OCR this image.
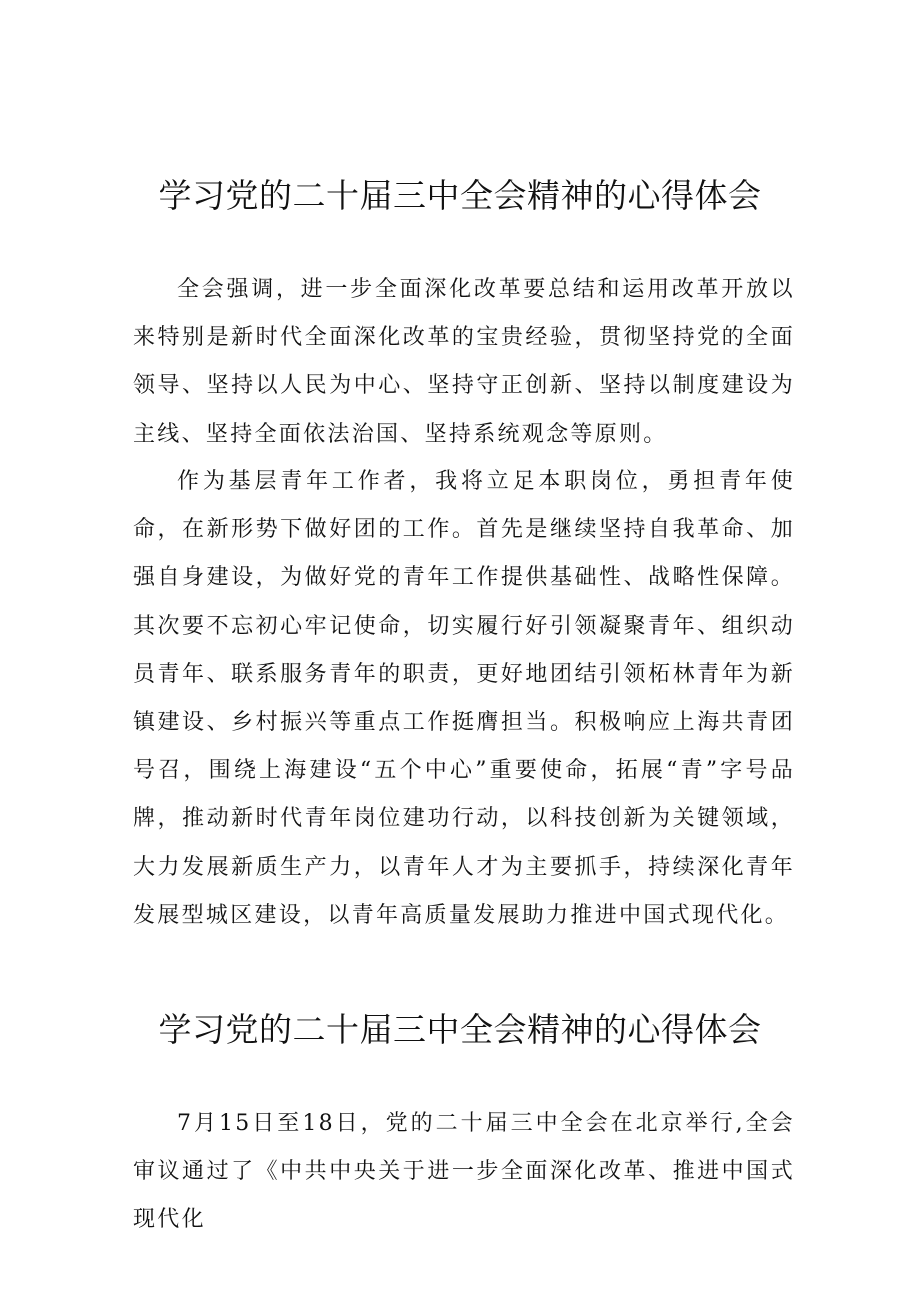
学习党的二十届三中全会精神的心得体会

全会强调，进一步全面深化改革要总结和运用改革开放以来特别是新时代全面深化改革的宝贵经验，贯彻坚持党的全面领导、坚持以人民为中心、坚持守正创新、坚持以制度建设为主线、坚持全面依法治国、坚持系统观念等原则。

作为基层青年工作者，我将立足本职岗位，勇担青年使命，在新形势下做好团的工作。首先是继续坚持自我革命、加强自身建设，为做好党的青年工作提供基础性、战略性保障。其次要不忘初心牢记使命，切实履行好引领凝聚青年、组织动员青年、联系服务青年的职责，更好地团结引领柘林青年为新镇建设、乡村振兴等重点工作挺膺担当。积极响应上海共青团号召，围绕上海建设“五个中心”重要使命，拓展“青”字号品牌，推动新时代青年岗位建功行动，以科技创新为关键领域，大力发展新质生产力，以青年人才为主要抓手，持续深化青年发展型城区建设，以青年高质量发展助力推进中国式现代化。

学习党的二十届三中全会精神的心得体会

7月15日至18日，党的二十届三中全会在北京举行,全会审议通过了《中共中央关于进一步全面深化改革、推进中国式现代化
